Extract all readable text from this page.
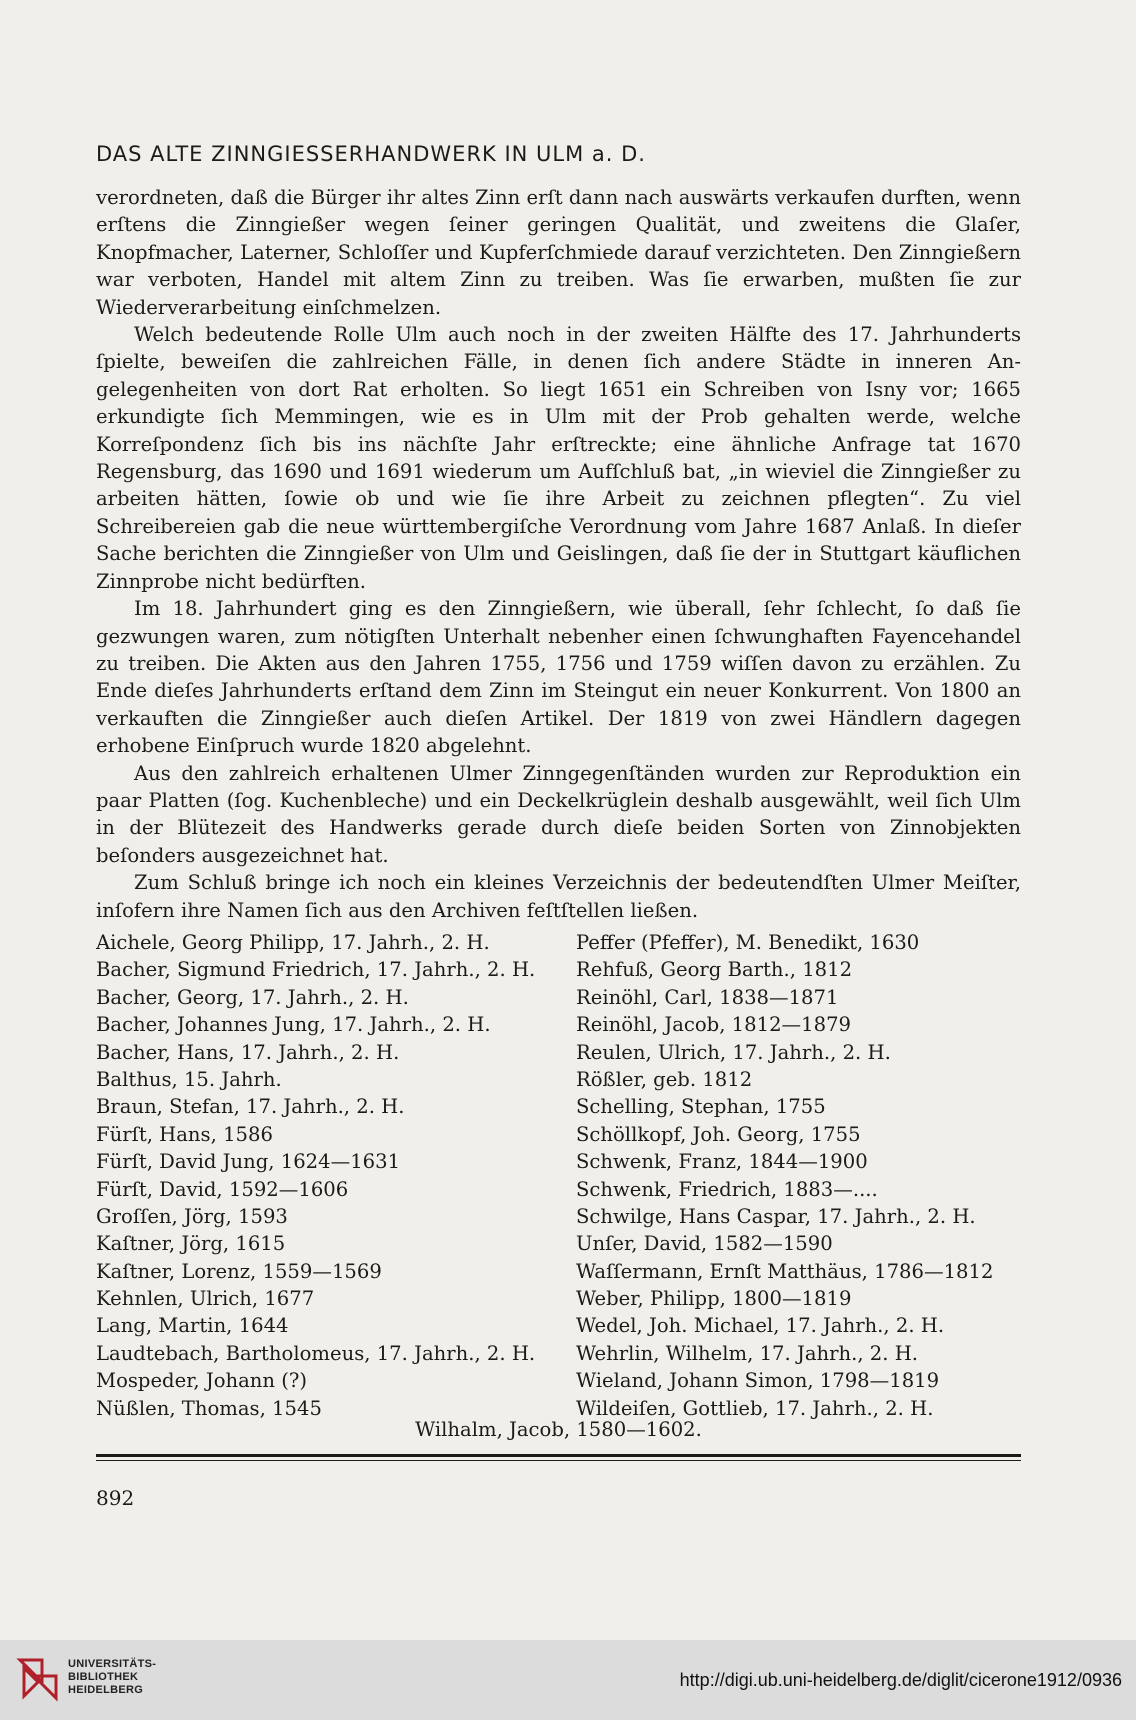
DAS ALTE ZINNGIESSERHANDWERK IN ULM a. D.

verordneten, daß die Bürger ihr altes Zinn erſt dann nach auswärts verkaufen durften, wenn erſtens die Zinngießer wegen ſeiner geringen Qualität, und zweitens die Glaſer, Knopfmacher, Laterner, Schloſſer und Kupferſchmiede darauf verzichteten. Den Zinngießern war verboten, Handel mit altem Zinn zu treiben. Was ſie erwarben, mußten ſie zur Wiederverarbeitung einſchmelzen.

Welch bedeutende Rolle Ulm auch noch in der zweiten Hälfte des 17. Jahrhunderts ſpielte, beweiſen die zahlreichen Fälle, in denen ſich andere Städte in inneren Angelegenheiten von dort Rat erholten. So liegt 1651 ein Schreiben von Isny vor; 1665 erkundigte ſich Memmingen, wie es in Ulm mit der Prob gehalten werde, welche Korreſpondenz ſich bis ins nächſte Jahr erſtreckte; eine ähnliche Anfrage tat 1670 Regensburg, das 1690 und 1691 wiederum um Aufſchluß bat, „in wieviel die Zinngießer zu arbeiten hätten, ſowie ob und wie ſie ihre Arbeit zu zeichnen pflegten“. Zu viel Schreibereien gab die neue württembergiſche Verordnung vom Jahre 1687 Anlaß. In dieſer Sache berichten die Zinngießer von Ulm und Geislingen, daß ſie der in Stuttgart käuflichen Zinnprobe nicht bedürften.

Im 18. Jahrhundert ging es den Zinngießern, wie überall, ſehr ſchlecht, ſo daß ſie gezwungen waren, zum nötigſten Unterhalt nebenher einen ſchwunghaften Fayencehandel zu treiben. Die Akten aus den Jahren 1755, 1756 und 1759 wiſſen davon zu erzählen. Zu Ende dieſes Jahrhunderts erſtand dem Zinn im Steingut ein neuer Konkurrent. Von 1800 an verkauften die Zinngießer auch dieſen Artikel. Der 1819 von zwei Händlern dagegen erhobene Einſpruch wurde 1820 abgelehnt.

Aus den zahlreich erhaltenen Ulmer Zinngegenſtänden wurden zur Reproduktion ein paar Platten (ſog. Kuchenbleche) und ein Deckelkrüglein deshalb ausgewählt, weil ſich Ulm in der Blütezeit des Handwerks gerade durch dieſe beiden Sorten von Zinnobjekten beſonders ausgezeichnet hat.

Zum Schluß bringe ich noch ein kleines Verzeichnis der bedeutendſten Ulmer Meiſter, inſofern ihre Namen ſich aus den Archiven feſtſtellen ließen.

Aichele, Georg Philipp, 17. Jahrh., 2. H.	Peffer (Pfeffer), M. Benedikt, 1630
Bacher, Sigmund Friedrich, 17. Jahrh., 2. H.	Rehfuß, Georg Barth., 1812
Bacher, Georg, 17. Jahrh., 2. H.	Reinöhl, Carl, 1838—1871
Bacher, Johannes Jung, 17. Jahrh., 2. H.	Reinöhl, Jacob, 1812—1879
Bacher, Hans, 17. Jahrh., 2. H.	Reulen, Ulrich, 17. Jahrh., 2. H.
Balthus, 15. Jahrh.	Rößler, geb. 1812
Braun, Stefan, 17. Jahrh., 2. H.	Schelling, Stephan, 1755
Fürſt, Hans, 1586	Schöllkopf, Joh. Georg, 1755
Fürſt, David Jung, 1624—1631	Schwenk, Franz, 1844—1900
Fürſt, David, 1592—1606	Schwenk, Friedrich, 1883—....
Groſſen, Jörg, 1593	Schwilge, Hans Caspar, 17. Jahrh., 2. H.
Kaſtner, Jörg, 1615	Unſer, David, 1582—1590
Kaſtner, Lorenz, 1559—1569	Waſſermann, Ernſt Matthäus, 1786—1812
Kehnlen, Ulrich, 1677	Weber, Philipp, 1800—1819
Lang, Martin, 1644	Wedel, Joh. Michael, 17. Jahrh., 2. H.
Laudtebach, Bartholomeus, 17. Jahrh., 2. H.	Wehrlin, Wilhelm, 17. Jahrh., 2. H.
Mospeder, Johann (?)	Wieland, Johann Simon, 1798—1819
Nüßlen, Thomas, 1545	Wildeiſen, Gottlieb, 17. Jahrh., 2. H.
Wilhalm, Jacob, 1580—1602.
892
UNIVERSITÄTS-
BIBLIOTHEK
HEIDELBERG	http://digi.ub.uni-heidelberg.de/diglit/cicerone1912/0936
